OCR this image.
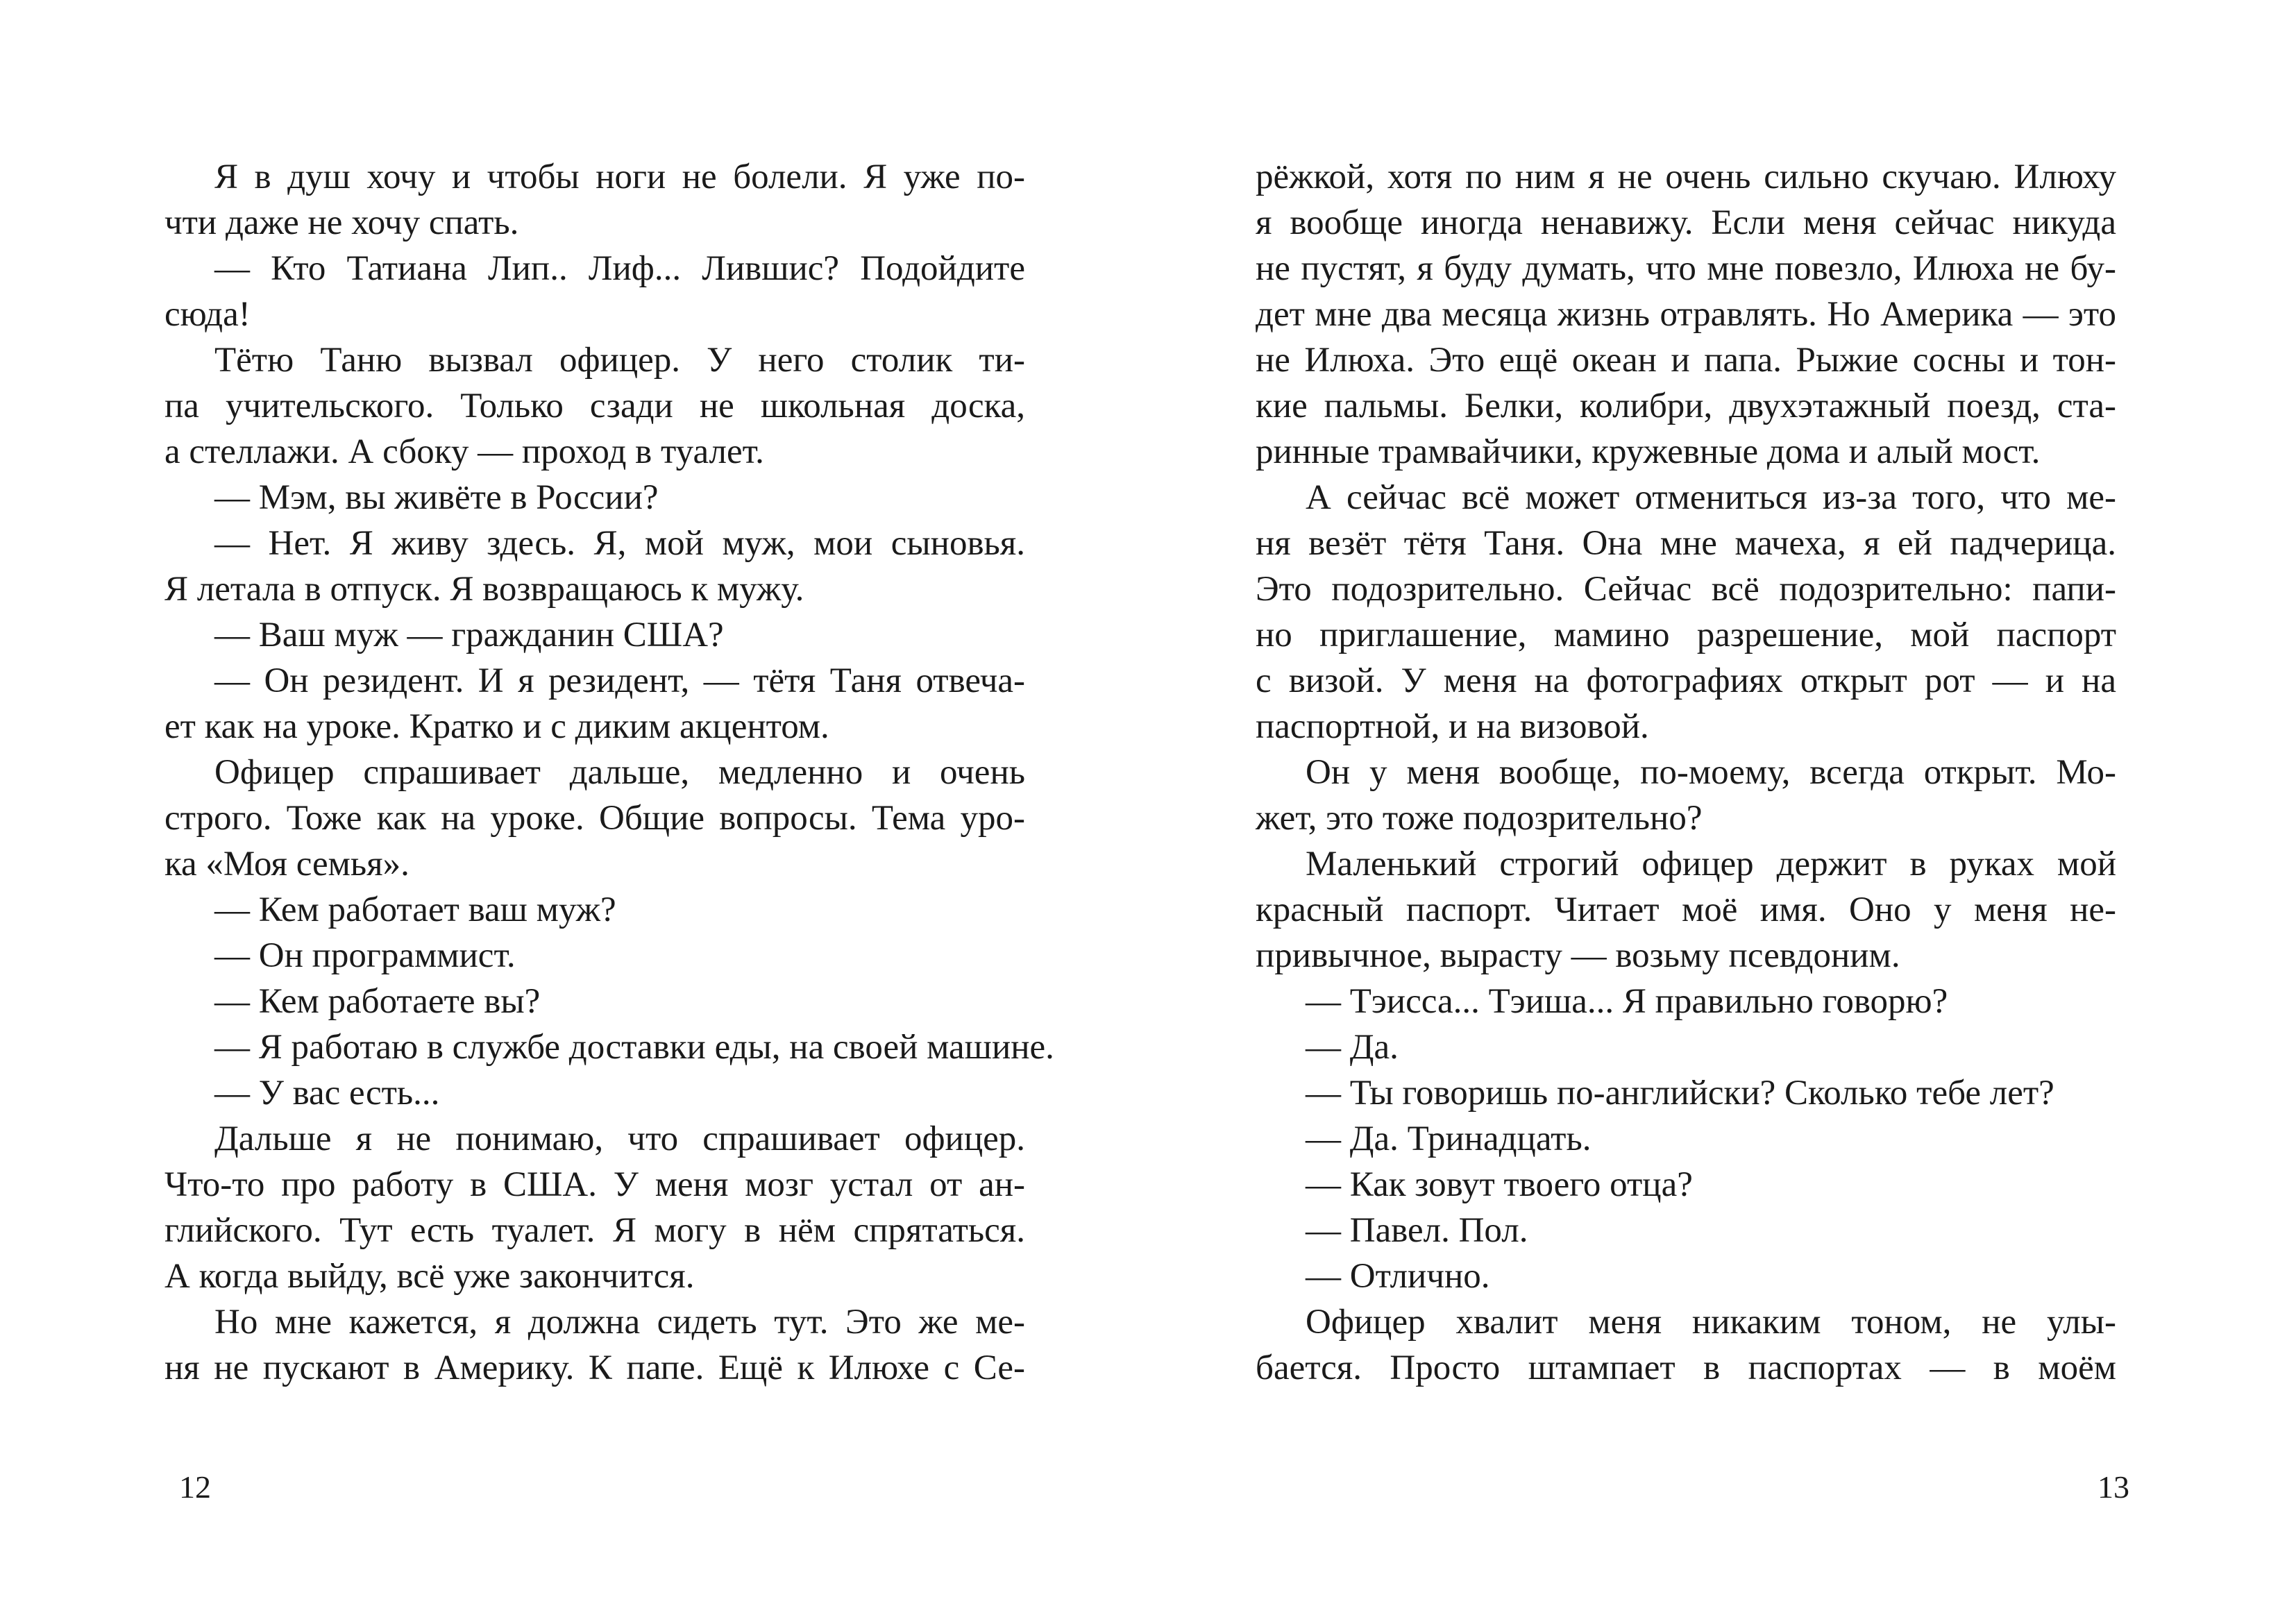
Я в душ хочу и чтобы ноги не болели. Я уже по-
чти даже не хочу спать.
— Кто Татиана Лип.. Лиф... Лившис? Подойдите
сюда!
Тётю Таню вызвал офицер. У него столик ти-
па учительского. Только сзади не школьная доска,
а стеллажи. А сбоку — проход в туалет.
— Мэм, вы живёте в России?
— Нет. Я живу здесь. Я, мой муж, мои сыновья.
Я летала в отпуск. Я возвращаюсь к мужу.
— Ваш муж — гражданин США?
— Он резидент. И я резидент, — тётя Таня отвеча-
ет как на уроке. Кратко и с диким акцентом.
Офицер спрашивает дальше, медленно и очень
строго. Тоже как на уроке. Общие вопросы. Тема уро-
ка «Моя семья».
— Кем работает ваш муж?
— Он программист.
— Кем работаете вы?
— Я работаю в службе доставки еды, на своей машине.
— У вас есть...
Дальше я не понимаю, что спрашивает офицер.
Что-то про работу в США. У меня мозг устал от ан-
глийского. Тут есть туалет. Я могу в нём спрятаться.
А когда выйду, всё уже закончится.
Но мне кажется, я должна сидеть тут. Это же ме-
ня не пускают в Америку. К папе. Ещё к Илюхе с Се-
12
рёжкой, хотя по ним я не очень сильно скучаю. Илюху
я вообще иногда ненавижу. Если меня сейчас никуда
не пустят, я буду думать, что мне повезло, Илюха не бу-
дет мне два месяца жизнь отравлять. Но Америка — это
не Илюха. Это ещё океан и папа. Рыжие сосны и тон-
кие пальмы. Белки, колибри, двухэтажный поезд, ста-
ринные трамвайчики, кружевные дома и алый мост.
А сейчас всё может отмениться из-за того, что ме-
ня везёт тётя Таня. Она мне мачеха, я ей падчерица.
Это подозрительно. Сейчас всё подозрительно: папи-
но приглашение, мамино разрешение, мой паспорт
с визой. У меня на фотографиях открыт рот — и на
паспортной, и на визовой.
Он у меня вообще, по-моему, всегда открыт. Мо-
жет, это тоже подозрительно?
Маленький строгий офицер держит в руках мой
красный паспорт. Читает моё имя. Оно у меня не-
привычное, вырасту — возьму псевдоним.
— Тэисса... Тэиша... Я правильно говорю?
— Да.
— Ты говоришь по-английски? Сколько тебе лет?
— Да. Тринадцать.
— Как зовут твоего отца?
— Павел. Пол.
— Отлично.
Офицер хвалит меня никаким тоном, не улы-
бается. Просто штампает в паспортах — в моём
13
